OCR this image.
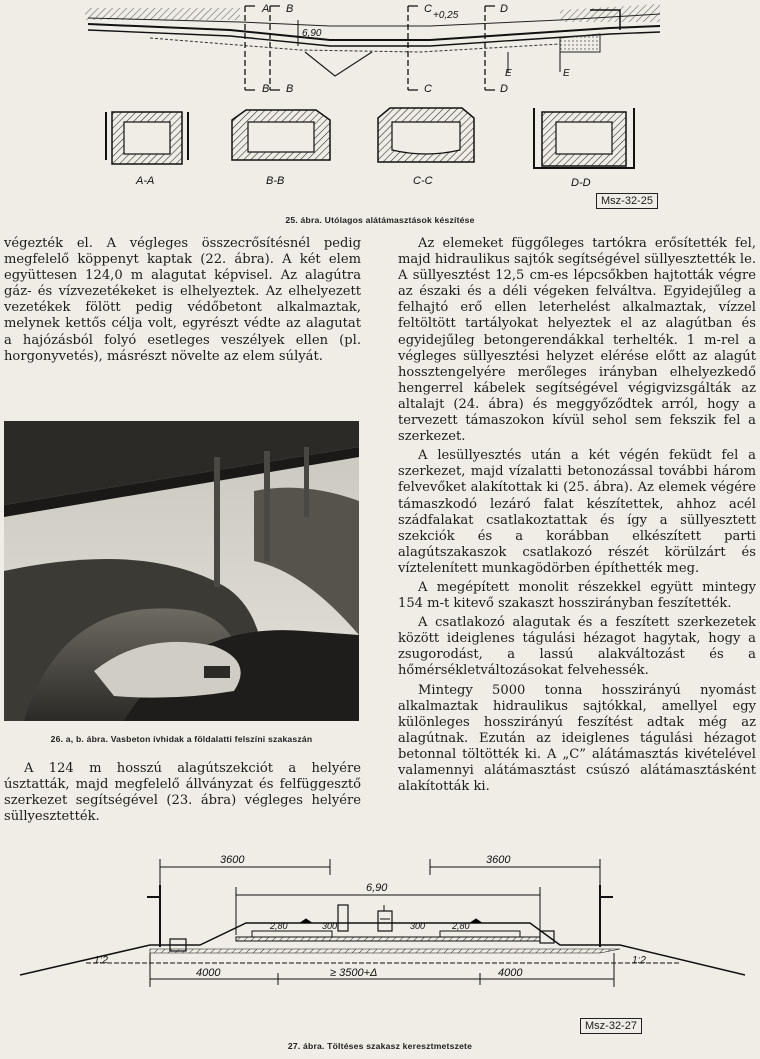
A B	C	D
B B	C	D
E	E
+0,25
6,90
A-A	B-B	C-C	D-D
Msz-32-25
25. ábra. Utólagos alátámasztások készítése

végezték el. A végleges összecrősítésnél pedig megfelelő köppenyt kaptak (22. ábra). A két elem együttesen 124,0 m alagutat képvisel. Az alagútra gáz- és vízvezetékeket is elhelyeztek. Az elhelyezett vezetékek fölött pedig védőbetont alkalmaztak, melynek kettős célja volt, egyrészt védte az alagutat a hajózásból folyó esetleges veszélyek ellen (pl. horgonyvetés), másrészt növelte az elem súlyát.

26. a, b. ábra. Vasbeton ívhidak a földalatti felszíni szakaszán

A 124 m hosszú alagútszekciót a helyére úsztatták, majd megfelelő állványzat és felfüggesztő szerkezet segítségével (23. ábra) végleges helyére süllyesztették.

Az elemeket függőleges tartókra erősítették fel, majd hidraulikus sajtók segítségével süllyesztették le. A süllyesztést 12,5 cm-es lépcsőkben hajtották végre az északi és a déli végeken felváltva. Egyidejűleg a felhajtó erő ellen leterhelést alkalmaztak, vízzel feltöltött tartályokat helyeztek el az alagútban és egyidejűleg betongerendákkal terhelték. 1 m-rel a végleges süllyesztési helyzet elérése előtt az alagút hossztengelyére merőleges irányban elhelyezkedő hengerrel kábelek segítségével végigvizsgálták az altalajt (24. ábra) és meggyőződtek arról, hogy a tervezett támaszokon kívül sehol sem fekszik fel a szerkezet.

A lesüllyesztés után a két végén feküdt fel a szerkezet, majd vízalatti betonozással további három felvevőket alakítottak ki (25. ábra). Az elemek végére támaszkodó lezáró falat készítettek, ahhoz acél szádfalakat csatlakoztattak és így a süllyesztett szekciók és a korábban elkészített parti alagútszakaszok csatlakozó részét körülzárt és víztelenített munkagödörben építhették meg.

A megépített monolit részekkel együtt mintegy 154 m-t kitevő szakaszt hosszirányban feszítették.

A csatlakozó alagutak és a feszített szerkezetek között ideiglenes tágulási hézagot hagytak, hogy a zsugorodást, a lassú alakváltozást és a hőmérsékletváltozásokat felvehessék.

Mintegy 5000 tonna hosszirányú nyomást alkalmaztak hidraulikus sajtókkal, amellyel egy különleges hosszirányú feszítést adtak még az alagútnak. Ezután az ideiglenes tágulási hézagot betonnal töltötték ki. A „C” alátámasztás kivételével valamennyi alátámasztást csúszó alátámasztásként alakították ki.

3600	3600
6,90
2,80	300	300	2,80
1:2	1:2
4000	≥ 3500+Δ	4000
Msz-32-27
27. ábra. Töltéses szakasz keresztmetszete
